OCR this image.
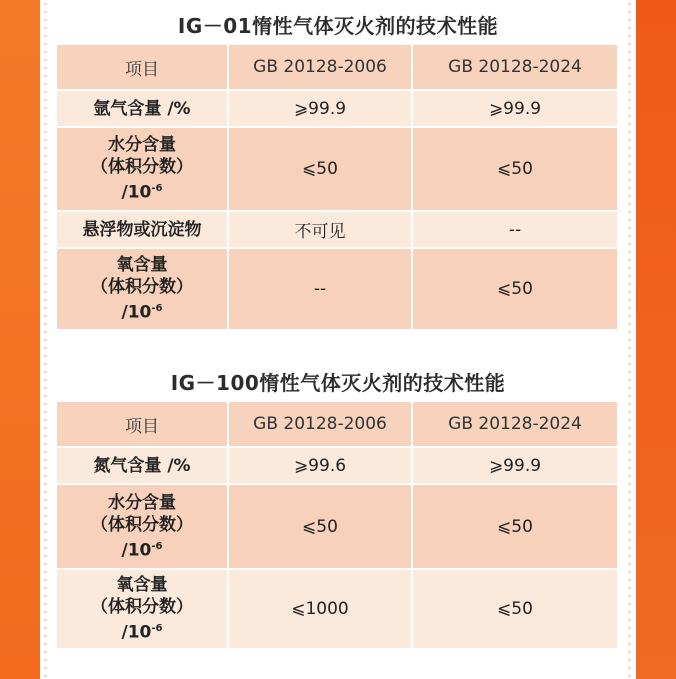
IG－01惰性气体灭火剂的技术性能
项目	GB 20128-2006	GB 20128-2024
氩气含量 /%	⩾99.9	⩾99.9

水分含量
（体积分数）
$/10^{-6}$	⩽50	⩽50
悬浮物或沉淀物	不可见	--

氧含量
（体积分数）
$/10^{-6}$	--	⩽50
IG－100惰性气体灭火剂的技术性能
项目	GB 20128-2006	GB 20128-2024
氮气含量 /%	⩾99.6	⩾99.9

水分含量
（体积分数）
$/10^{-6}$	⩽50	⩽50

氧含量
（体积分数）
$/10^{-6}$	⩽1000	⩽50
